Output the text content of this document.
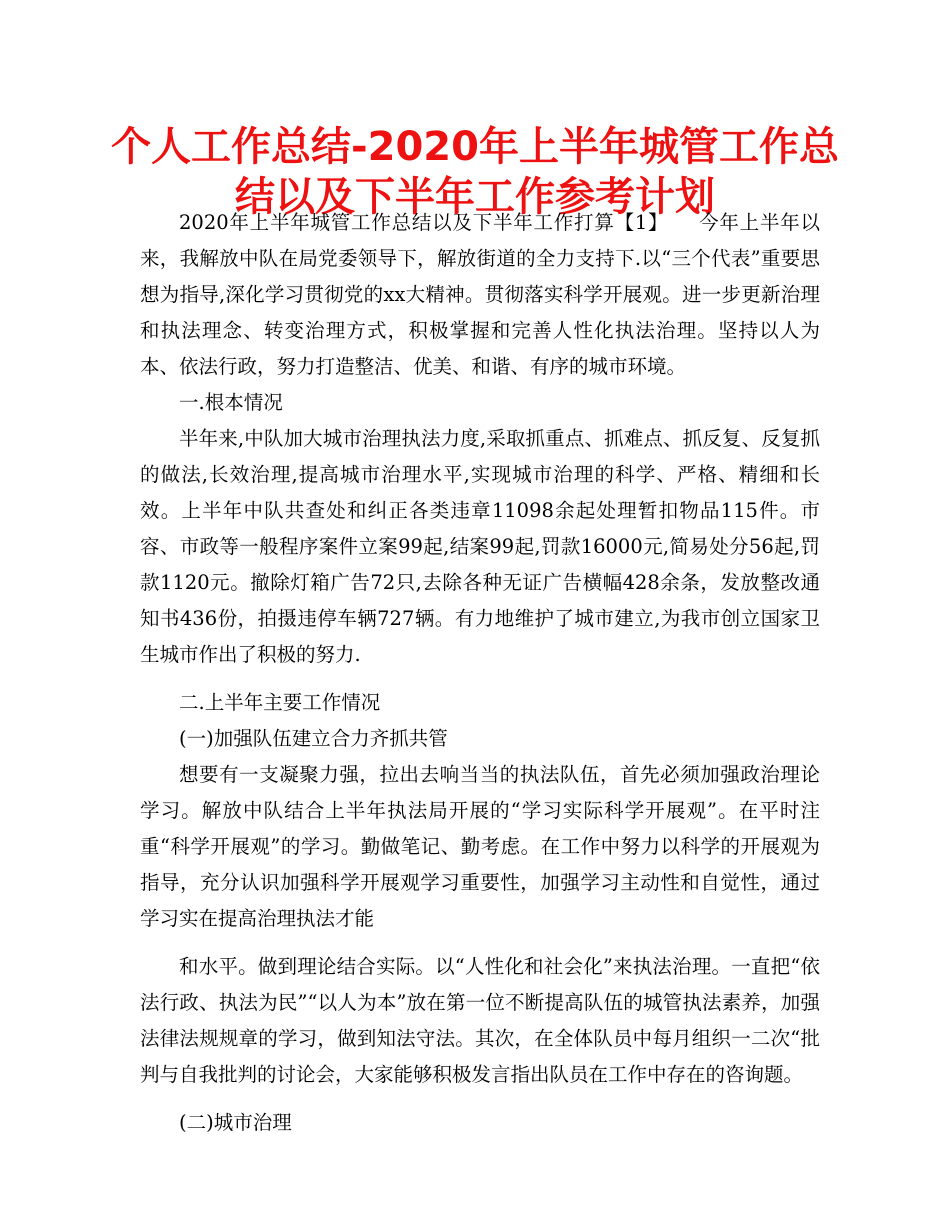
个人工作总结-2020年上半年城管工作总
结以及下半年工作参考计划

2020年上半年城管工作总结以及下半年工作打算【1】　　今年上半年以来，我解放中队在局党委领导下，解放街道的全力支持下.以“三个代表”重要思想为指导,深化学习贯彻党的xx大精神。贯彻落实科学开展观。进一步更新治理和执法理念、转变治理方式，积极掌握和完善人性化执法治理。坚持以人为本、依法行政，努力打造整洁、优美、和谐、有序的城市环境。

一.根本情况

半年来,中队加大城市治理执法力度,采取抓重点、抓难点、抓反复、反复抓的做法,长效治理,提高城市治理水平,实现城市治理的科学、严格、精细和长效。上半年中队共查处和纠正各类违章11098余起处理暂扣物品115件。市容、市政等一般程序案件立案99起,结案99起,罚款16000元,简易处分56起,罚款1120元。撤除灯箱广告72只,去除各种无证广告横幅428余条，发放整改通知书436份，拍摄违停车辆727辆。有力地维护了城市建立,为我市创立国家卫生城市作出了积极的努力.

二.上半年主要工作情况

(一)加强队伍建立合力齐抓共管

想要有一支凝聚力强，拉出去响当当的执法队伍，首先必须加强政治理论学习。解放中队结合上半年执法局开展的“学习实际科学开展观”。在平时注重“科学开展观”的学习。勤做笔记、勤考虑。在工作中努力以科学的开展观为指导，充分认识加强科学开展观学习重要性，加强学习主动性和自觉性，通过学习实在提高治理执法才能

和水平。做到理论结合实际。以“人性化和社会化”来执法治理。一直把“依法行政、执法为民”“以人为本”放在第一位不断提高队伍的城管执法素养，加强法律法规规章的学习，做到知法守法。其次，在全体队员中每月组织一二次“批判与自我批判的讨论会，大家能够积极发言指出队员在工作中存在的咨询题。

(二)城市治理
